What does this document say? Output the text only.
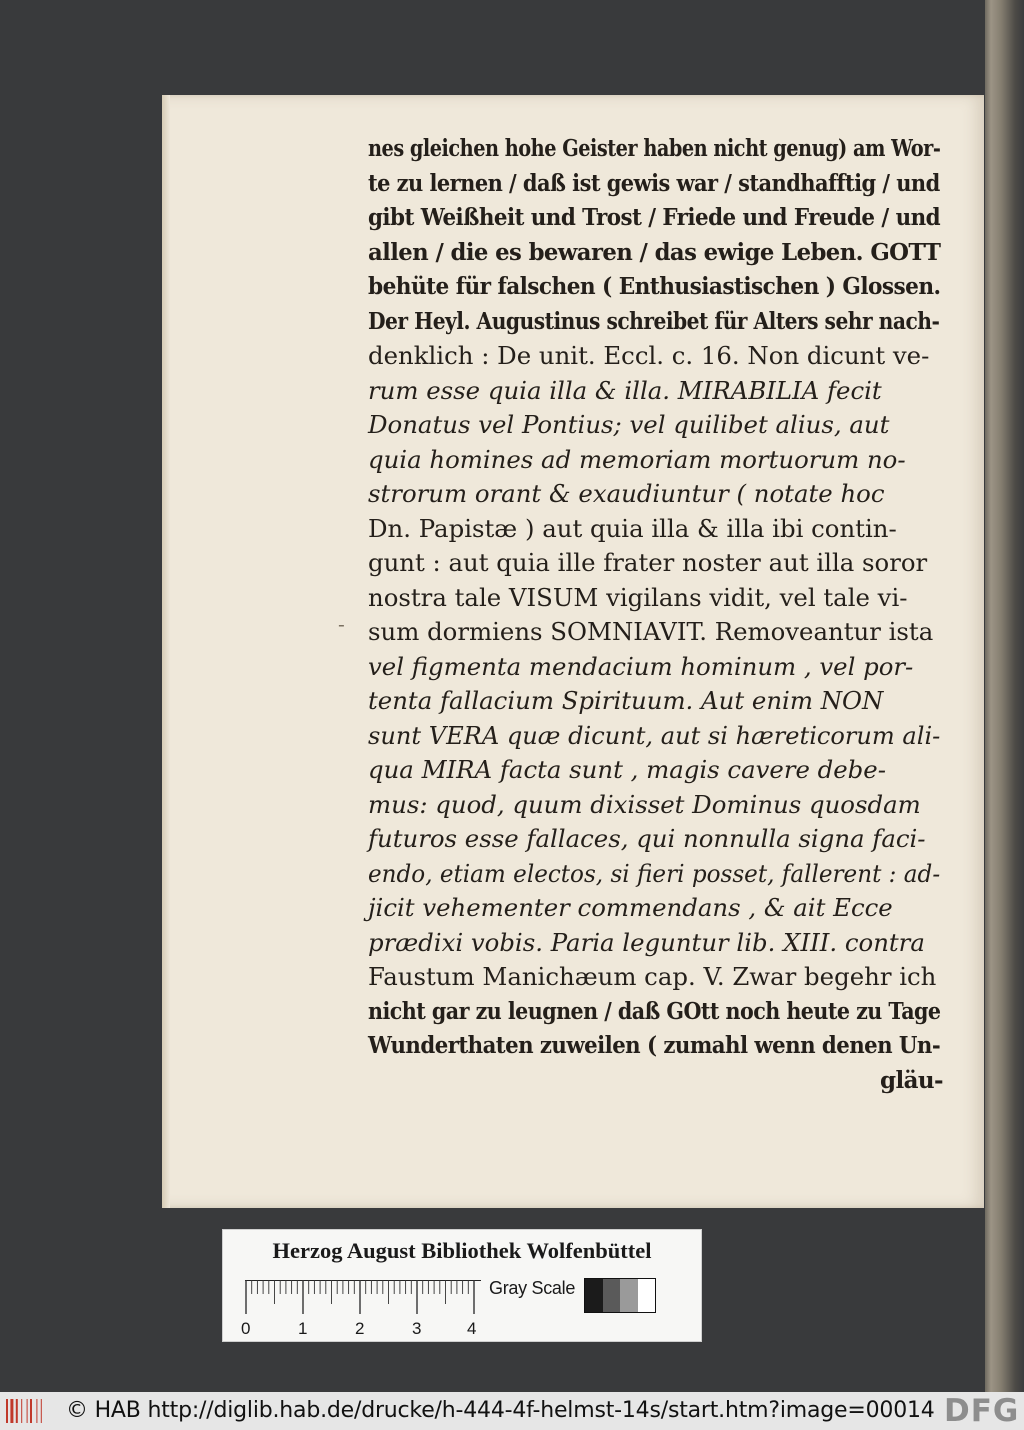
-
nes gleichen hohe Geister haben nicht genug) am Wor-
te zu lernen / daß ist gewis war / standhafftig / und
gibt Weißheit und Trost / Friede und Freude / und
allen / die es bewaren / das ewige Leben. GOTT
behüte für falschen ( Enthusiastischen ) Glossen.
Der Heyl. Augustinus schreibet für Alters sehr nach-
denklich : De unit. Eccl. c. 16. Non dicunt ve-
rum esse quia illa & illa. MIRABILIA fecit
Donatus vel Pontius; vel quilibet alius, aut
quia homines ad memoriam mortuorum no-
strorum orant & exaudiuntur ( notate hoc
Dn. Papistæ ) aut quia illa & illa ibi contin-
gunt : aut quia ille frater noster aut illa soror
nostra tale VISUM vigilans vidit, vel tale vi-
sum dormiens SOMNIAVIT. Removeantur ista
vel figmenta mendacium hominum , vel por-
tenta fallacium Spirituum. Aut enim NON
sunt VERA quæ dicunt, aut si hæreticorum ali-
qua MIRA facta sunt , magis cavere debe-
mus: quod, quum dixisset Dominus quosdam
futuros esse fallaces, qui nonnulla signa faci-
endo, etiam electos, si fieri posset, fallerent : ad-
jicit vehementer commendans , & ait Ecce
prædixi vobis. Paria leguntur lib. XIII. contra
Faustum Manichæum cap. V. Zwar begehr ich
nicht gar zu leugnen / daß GOtt noch heute zu Tage
Wunderthaten zuweilen ( zumahl wenn denen Un-
gläu-
Herzog August Bibliothek Wolfenbüttel
0	1	2	3	4
Gray Scale
© HAB http://diglib.hab.de/drucke/h-444-4f-helmst-14s/start.htm?image=00014 DFG
